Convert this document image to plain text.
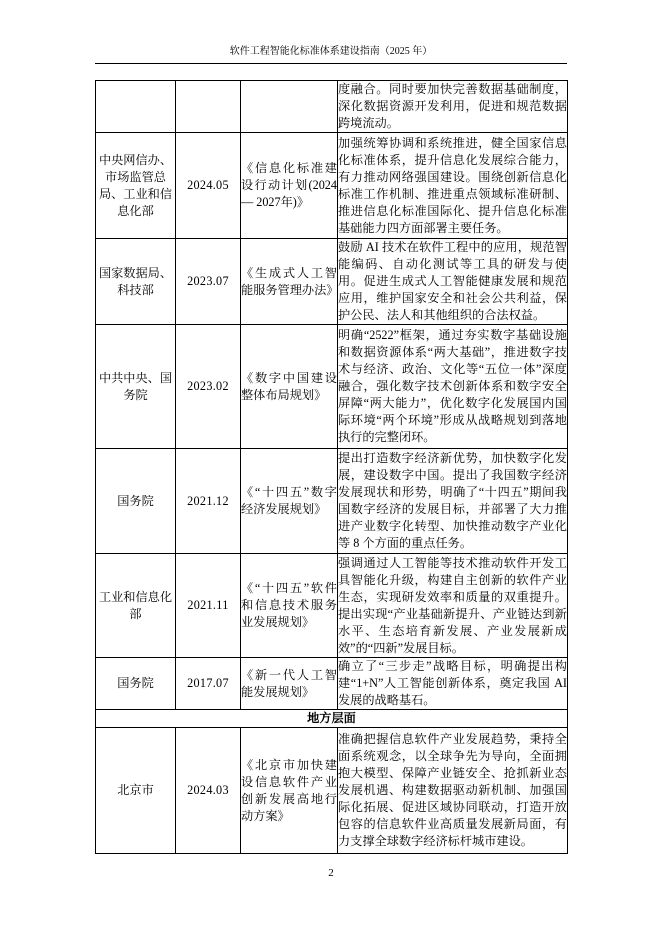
软件工程智能化标准体系建设指南（2025 年）
			度融合。同时要加快完善数据基础制度，深化数据资源开发利用，促进和规范数据跨境流动。
中央网信办、市场监管总局、工业和信息化部	2024.05	《信息化标准建设行动计划(2024 — 2027年)》	加强统筹协调和系统推进，健全国家信息化标准体系，提升信息化发展综合能力，有力推动网络强国建设。围绕创新信息化标准工作机制、推进重点领域标准研制、推进信息化标准国际化、提升信息化标准基础能力四方面部署主要任务。
国家数据局、科技部	2023.07	《生成式人工智能服务管理办法》	鼓励 AI 技术在软件工程中的应用，规范智能编码、自动化测试等工具的研发与使用。促进生成式人工智能健康发展和规范应用，维护国家安全和社会公共利益，保护公民、法人和其他组织的合法权益。
中共中央、国务院	2023.02	《数字中国建设整体布局规划》	明确“2522”框架，通过夯实数字基础设施和数据资源体系“两大基础”，推进数字技术与经济、政治、文化等“五位一体”深度融合，强化数字技术创新体系和数字安全屏障“两大能力”，优化数字化发展国内国际环境“两个环境”形成从战略规划到落地执行的完整闭环。
国务院	2021.12	《“十四五”数字经济发展规划》	提出打造数字经济新优势，加快数字化发展，建设数字中国。提出了我国数字经济发展现状和形势，明确了“十四五”期间我国数字经济的发展目标，并部署了大力推进产业数字化转型、加快推动数字产业化等 8 个方面的重点任务。
工业和信息化部	2021.11	《“十四五”软件和信息技术服务业发展规划》	强调通过人工智能等技术推动软件开发工具智能化升级，构建自主创新的软件产业生态，实现研发效率和质量的双重提升。提出实现“产业基础新提升、产业链达到新水平、生态培育新发展、产业发展新成效”的“四新”发展目标。
国务院	2017.07	《新一代人工智能发展规划》	确立了“三步走”战略目标，明确提出构建“1+N”人工智能创新体系，奠定我国 AI 发展的战略基石。
地方层面			
北京市	2024.03	《北京市加快建设信息软件产业创新发展高地行动方案》	准确把握信息软件产业发展趋势，秉持全面系统观念，以全球争先为导向，全面拥抱大模型、保障产业链安全、抢抓新业态发展机遇、构建数据驱动新机制、加强国际化拓展、促进区域协同联动，打造开放包容的信息软件业高质量发展新局面，有力支撑全球数字经济标杆城市建设。
2
